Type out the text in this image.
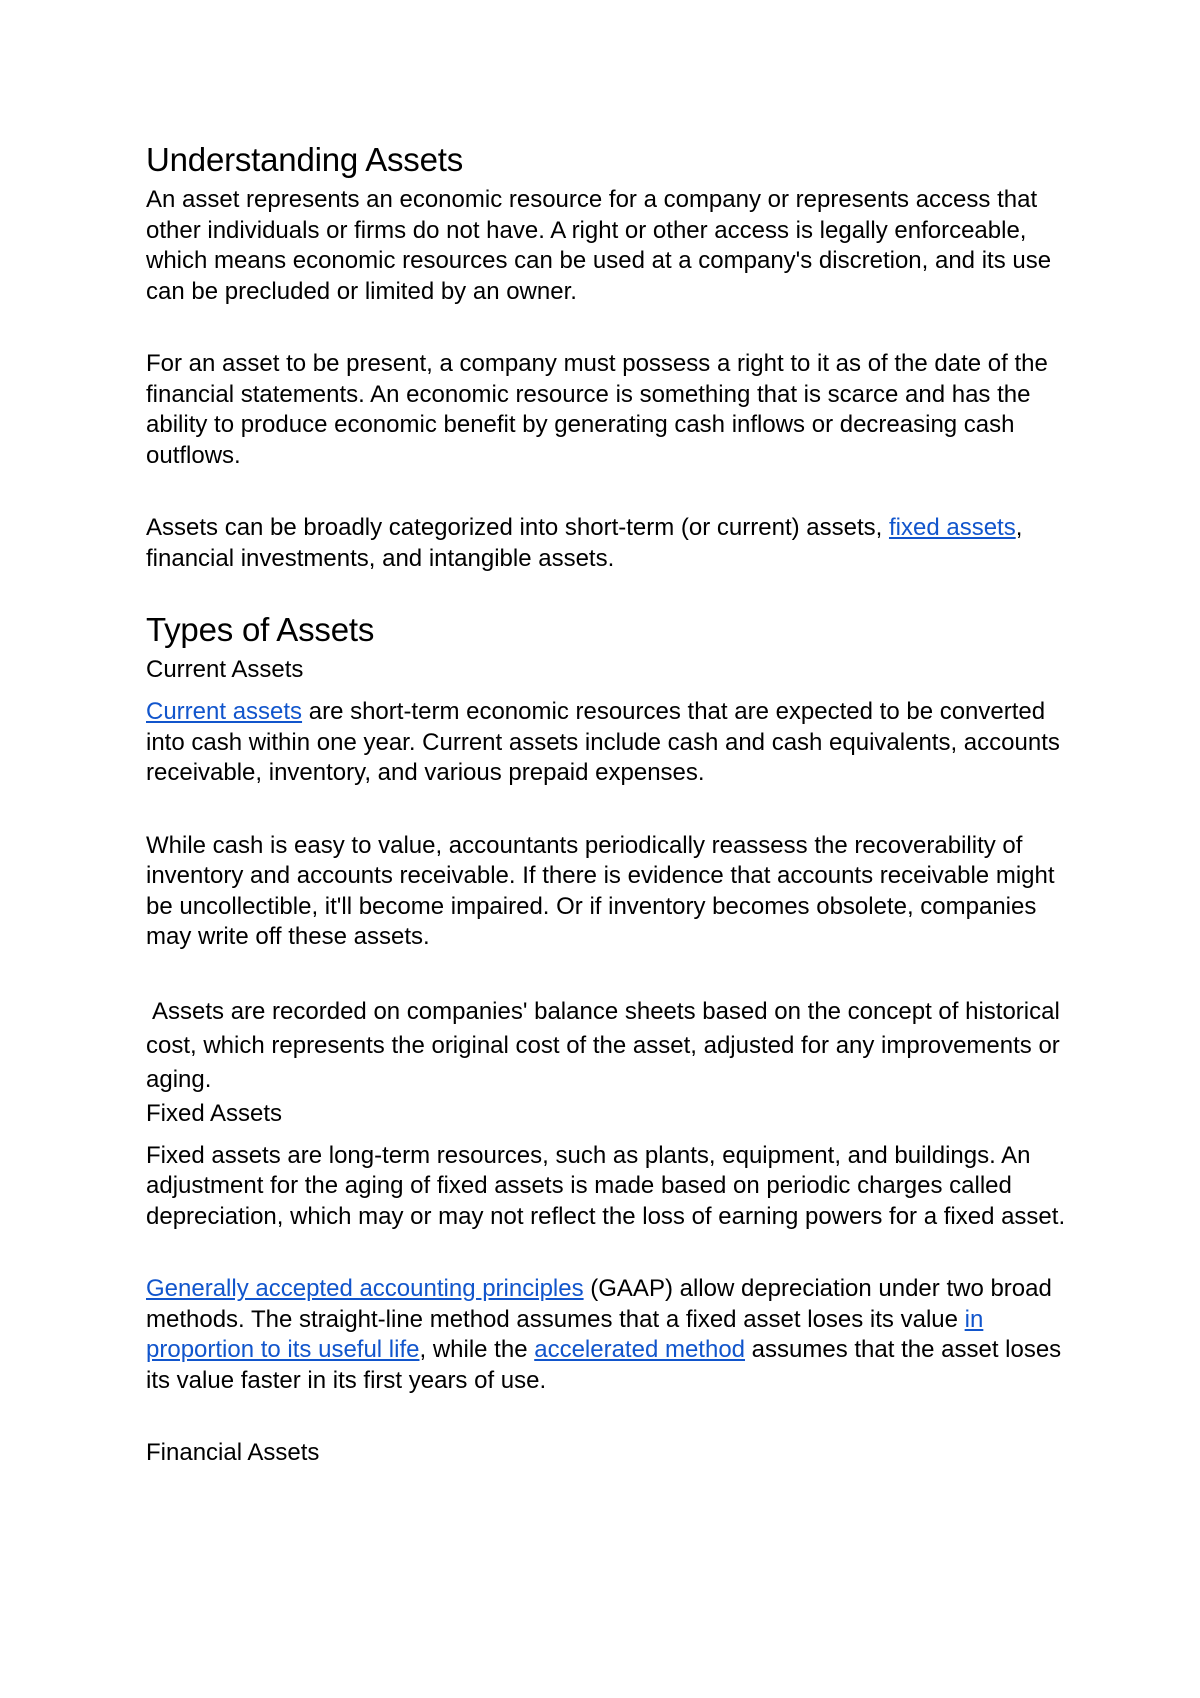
Understanding Assets

An asset represents an economic resource for a company or represents access that other individuals or firms do not have. A right or other access is legally enforceable, which means economic resources can be used at a company's discretion, and its use can be precluded or limited by an owner.

For an asset to be present, a company must possess a right to it as of the date of the financial statements. An economic resource is something that is scarce and has the ability to produce economic benefit by generating cash inflows or decreasing cash outflows.

Assets can be broadly categorized into short-term (or current) assets, fixed assets, financial investments, and intangible assets.

Types of Assets
Current Assets

Current assets are short-term economic resources that are expected to be converted into cash within one year. Current assets include cash and cash equivalents, accounts receivable, inventory, and various prepaid expenses.

While cash is easy to value, accountants periodically reassess the recoverability of inventory and accounts receivable. If there is evidence that accounts receivable might be uncollectible, it'll become impaired. Or if inventory becomes obsolete, companies may write off these assets.

Assets are recorded on companies' balance sheets based on the concept of historical cost, which represents the original cost of the asset, adjusted for any improvements or aging.

Fixed Assets

Fixed assets are long-term resources, such as plants, equipment, and buildings. An adjustment for the aging of fixed assets is made based on periodic charges called depreciation, which may or may not reflect the loss of earning powers for a fixed asset.

Generally accepted accounting principles (GAAP) allow depreciation under two broad methods. The straight-line method assumes that a fixed asset loses its value in proportion to its useful life, while the accelerated method assumes that the asset loses its value faster in its first years of use.

Financial Assets
